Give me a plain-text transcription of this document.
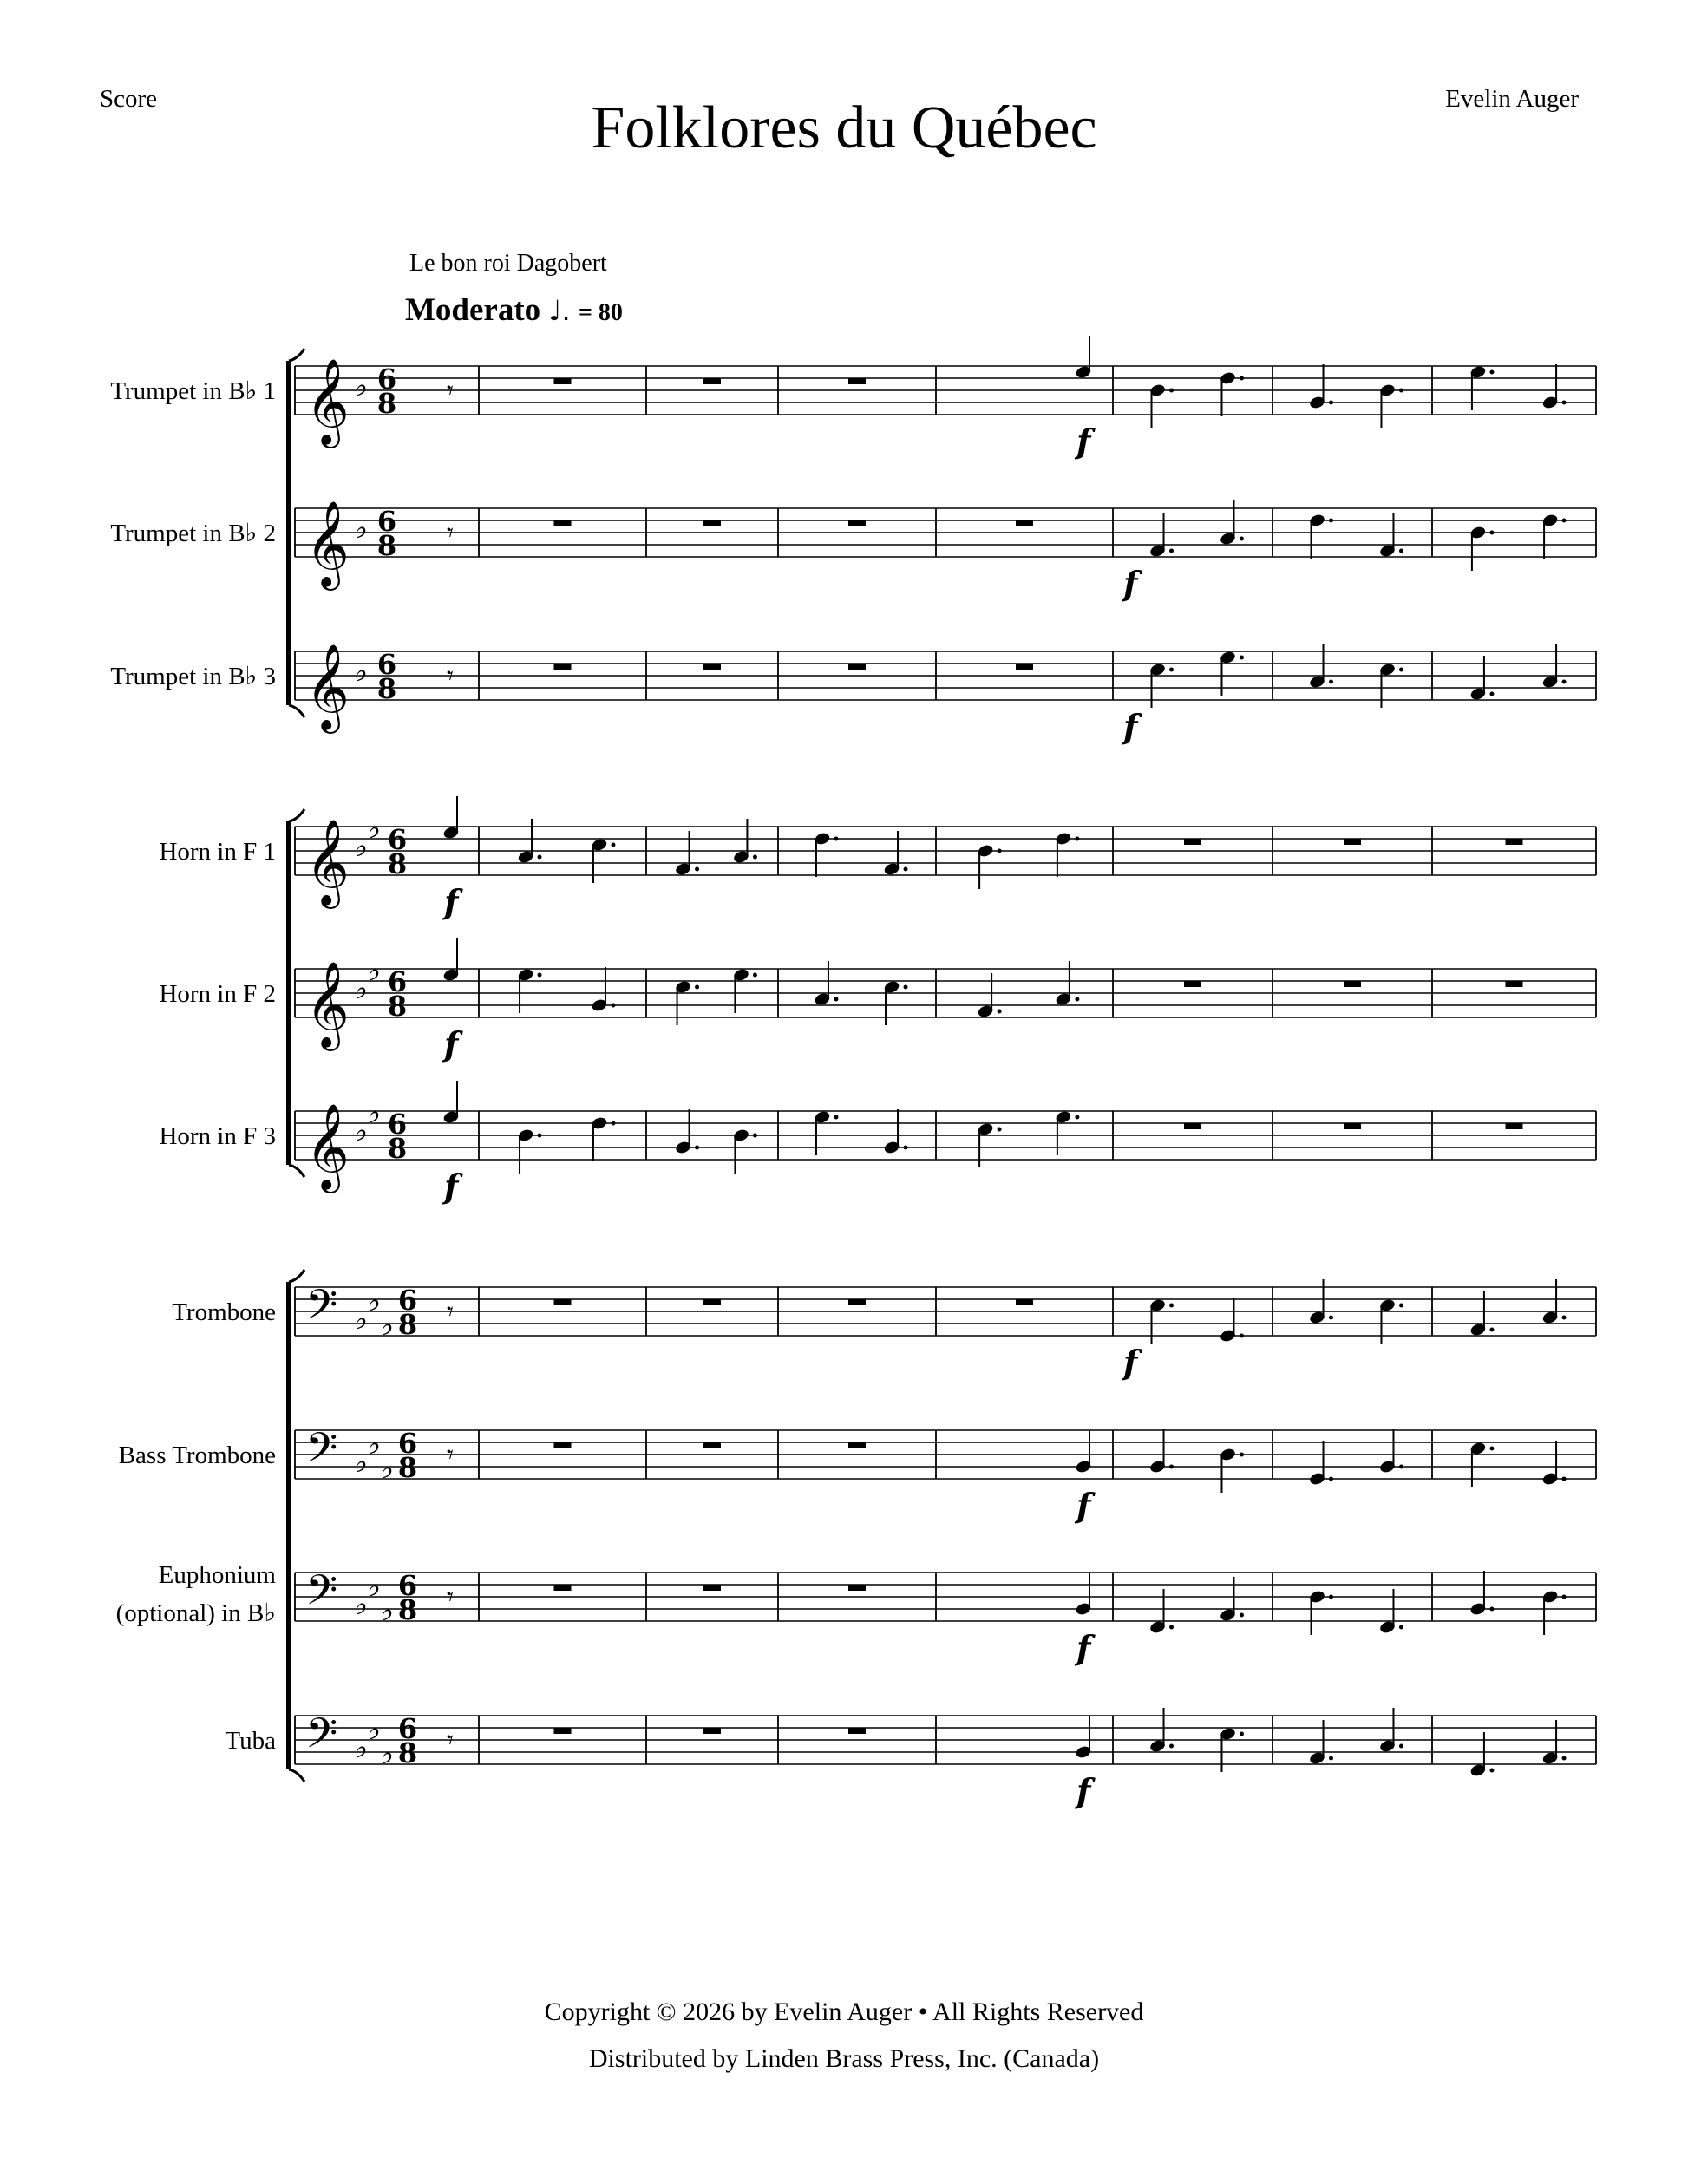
Score	Folklores du Québec	Evelin Auger
Le bon roi Dagobert
Moderato ♩. = 80
Trumpet in B♭ 1 𝄞 ♭ 6
8 𝄾
f
Trumpet in B♭ 2 𝄞 ♭ 6
8 𝄾
f
Trumpet in B♭ 3 𝄞 ♭ 6
8 𝄾
f
Horn in F 1 𝄞 ♭
♭ 6
8
f
Horn in F 2 𝄞 ♭
♭ 6
8
f
Horn in F 3 𝄞 ♭
♭ 6
8
f
Trombone 𝄢 ♭
♭
♭
6
8 𝄾
f
Bass Trombone 𝄢 ♭
♭
♭
6
8 𝄾
f
Euphonium
(optional) in B♭ 𝄢 ♭
♭
♭
6
8 𝄾
f
Tuba 𝄢 ♭
♭
♭
6
8 𝄾
f
Copyright © 2026 by Evelin Auger • All Rights Reserved
Distributed by Linden Brass Press, Inc. (Canada)
